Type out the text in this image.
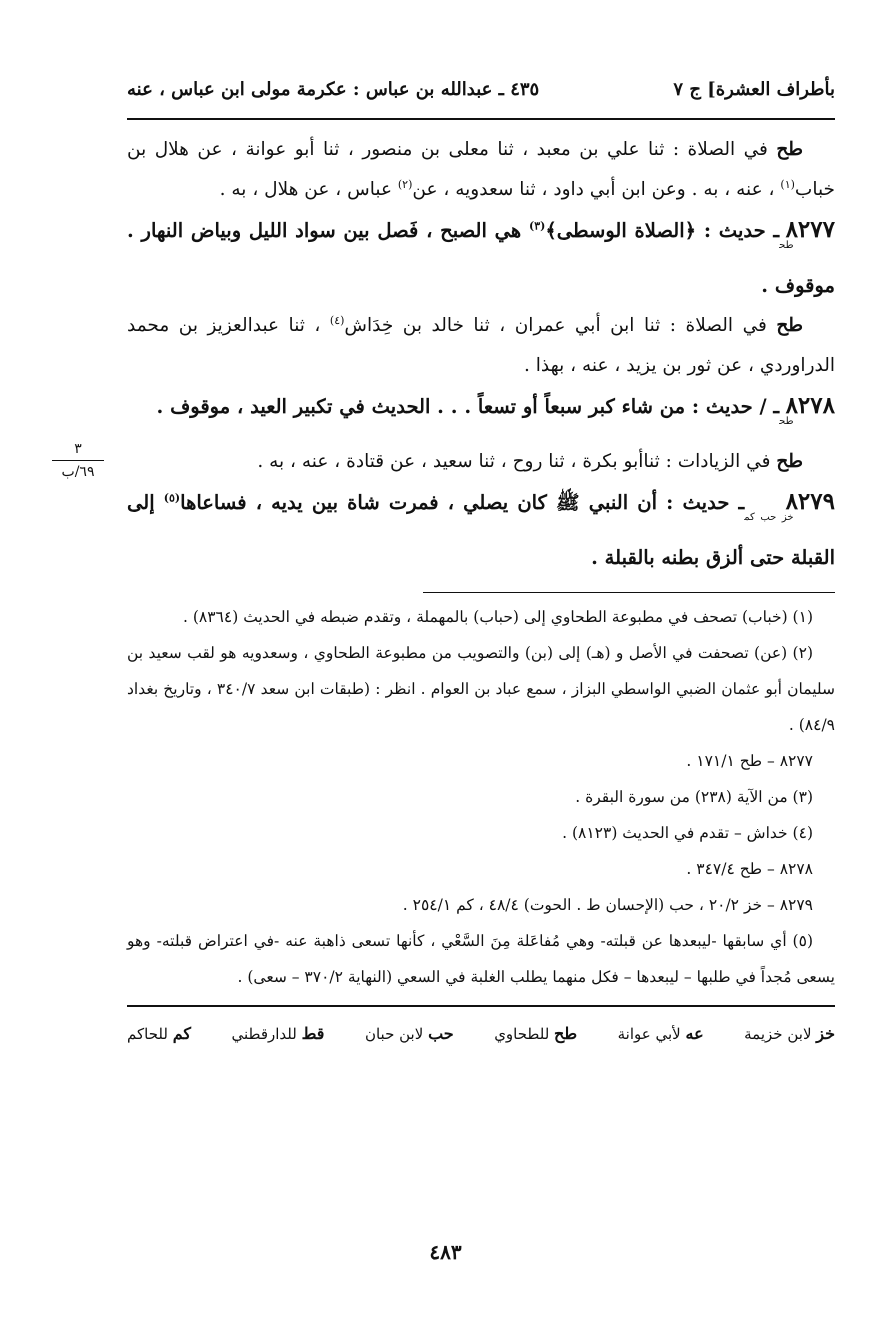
بأطراف العشرة] ج ٧
٤٣٥ ـ عبدالله بن عباس : عكرمة مولى ابن عباس ، عنه

طح في الصلاة : ثنا علي بن معبد ، ثنا معلى بن منصور ، ثنا أبو عوانة ، عن هلال بن خباب$^{(١)}$ ، عنه ، به . وعن ابن أبي داود ، ثنا سعدويه ، عن$^{(٢)}$ عباس ، عن هلال ، به .

$٨٢٧٧_{طح}ـ$ حديث : ﴿الصلاة الوسطى﴾$^{(٣)}$ هي الصبح ، فَصل بين سواد الليل وبياض النهار . موقوف .

طح في الصلاة : ثنا ابن أبي عمران ، ثنا خالد بن خِدَاش$^{(٤)}$ ، ثنا عبدالعزيز بن محمد الدراوردي ، عن ثور بن يزيد ، عنه ، بهذا .

$٨٢٧٨_{طح}ـ$ / حديث : من شاء كبر سبعاً أو تسعاً . . . الحديث في تكبير العيد ، موقوف .

طح في الزيادات : ثناأبو بكرة ، ثنا روح ، ثنا سعيد ، عن قتادة ، عنه ، به .

$٨٢٧٩_{خز حب كم}ـ$ حديث : أن النبي ﷺ كان يصلي ، فمرت شاة بين يديه ، فساعاها$^{(٥)}$ إلى القبلة حتى ألزق بطنه بالقبلة .

(١) (خباب) تصحف في مطبوعة الطحاوي إلى (حباب) بالمهملة ، وتقدم ضبطه في الحديث (٨٣٦٤) .

(٢) (عن) تصحفت في الأصل و (هـ) إلى (بن) والتصويب من مطبوعة الطحاوي ، وسعدويه هو لقب سعيد بن سليمان أبو عثمان الضبي الواسطي البزاز ، سمع عباد بن العوام . انظر : (طبقات ابن سعد ٣٤٠/٧ ، وتاريخ بغداد ٨٤/٩) .

٨٢٧٧ – طح ١٧١/١ .

(٣) من الآية (٢٣٨) من سورة البقرة .

(٤) خداش – تقدم في الحديث (٨١٢٣) .

٨٢٧٨ – طح ٣٤٧/٤ .

٨٢٧٩ – خز ٢٠/٢ ، حب (الإحسان ط . الحوت) ٤٨/٤ ، كم ٢٥٤/١ .

(٥) أي سابقها -ليبعدها عن قبلته- وهي مُفاعَلة مِنَ السَّعْي ، كأنها تسعى ذاهبة عنه -في اعتراض قبلته- وهو يسعى مُجداً في طلبها – ليبعدها – فكل منهما يطلب الغلبة في السعي (النهاية ٣٧٠/٢ – سعى) .

خز لابن خزيمة
عه لأبي عوانة
طح للطحاوي
حب لابن حبان
قط للدارقطني
كم للحاكم
٣
٦٩/ب
٤٨٣
